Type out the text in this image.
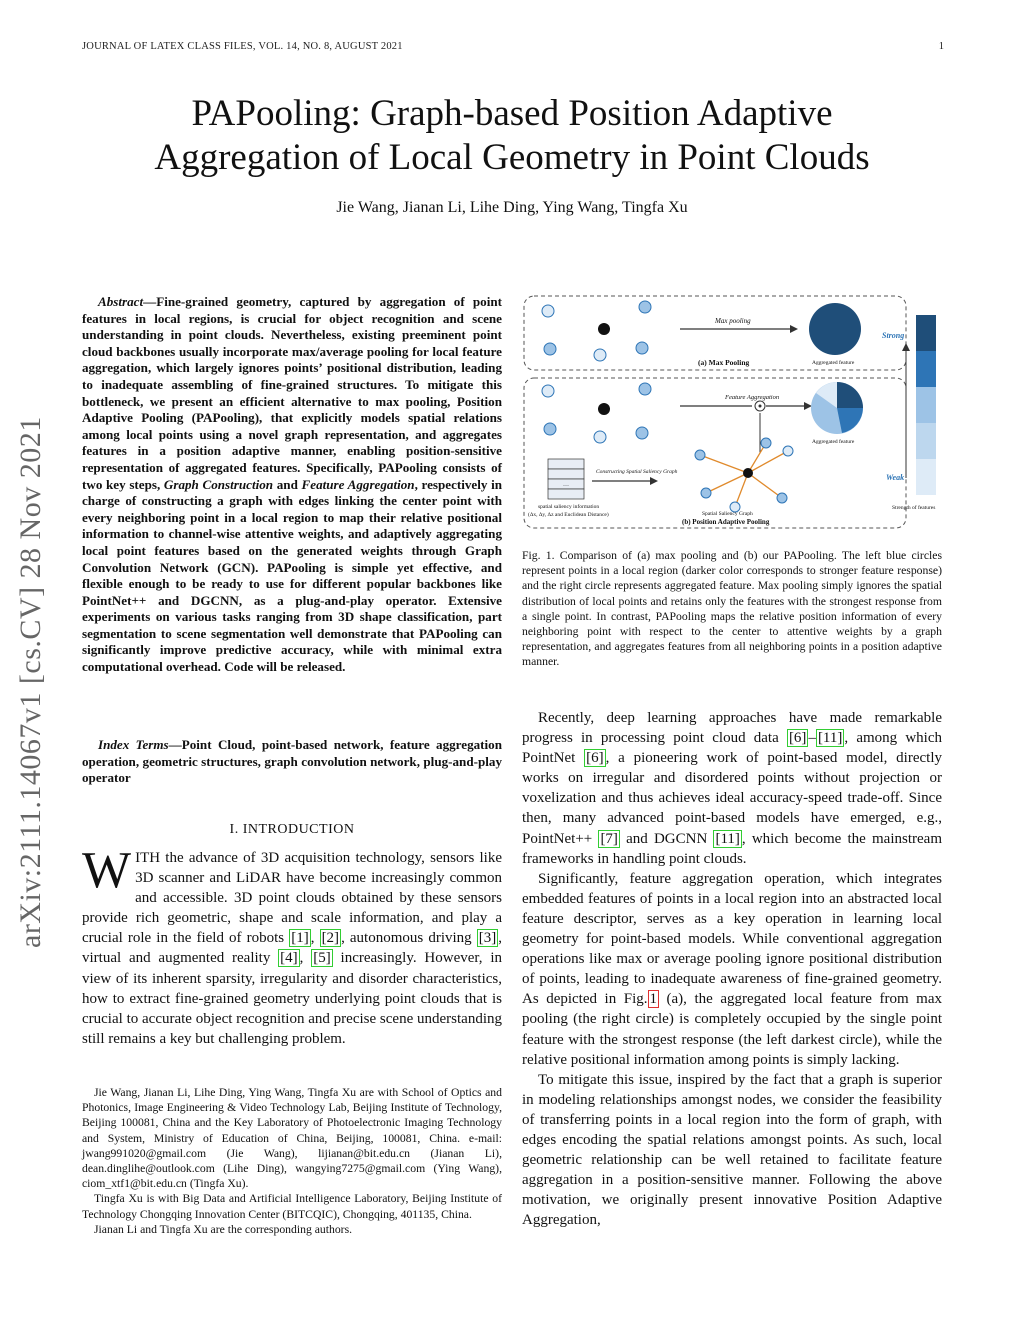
JOURNAL OF LATEX CLASS FILES, VOL. 14, NO. 8, AUGUST 2021	1
PAPooling: Graph-based Position Adaptive
Aggregation of Local Geometry in Point Clouds
Jie Wang, Jianan Li, Lihe Ding, Ying Wang, Tingfa Xu
arXiv:2111.14067v1 [cs.CV] 28 Nov 2021
Abstract—Fine-grained geometry, captured by aggregation of point features in local regions, is crucial for object recognition and scene understanding in point clouds. Nevertheless, existing preeminent point cloud backbones usually incorporate max/average pooling for local feature aggregation, which largely ignores points’ positional distribution, leading to inadequate assembling of fine-grained structures. To mitigate this bottleneck, we present an efficient alternative to max pooling, Position Adaptive Pooling (PAPooling), that explicitly models spatial relations among local points using a novel graph representation, and aggregates features in a position adaptive manner, enabling position-sensitive representation of aggregated features. Specifically, PAPooling consists of two key steps, Graph Construction and Feature Aggregation, respectively in charge of constructing a graph with edges linking the center point with every neighboring point in a local region to map their relative positional information to channel-wise attentive weights, and adaptively aggregating local point features based on the generated weights through Graph Convolution Network (GCN). PAPooling is simple yet effective, and flexible enough to be ready to use for different popular backbones like PointNet++ and DGCNN, as a plug-and-play operator. Extensive experiments on various tasks ranging from 3D shape classification, part segmentation to scene segmentation well demonstrate that PAPooling can significantly improve predictive accuracy, while with minimal extra computational overhead. Code will be released.
Index Terms—Point Cloud, point-based network, feature aggregation operation, geometric structures, graph convolution network, plug-and-play operator
I. INTRODUCTION
WITH the advance of 3D acquisition technology, sensors like 3D scanner and LiDAR have become increasingly common and accessible. 3D point clouds obtained by these sensors provide rich geometric, shape and scale information, and play a crucial role in the field of robots [1] , [2] , autonomous driving [3] , virtual and augmented reality [4] , [5] increasingly. However, in view of its inherent sparsity, irregularity and disorder characteristics, how to extract fine-grained geometry underlying point clouds that is crucial to accurate object recognition and precise scene understanding still remains a key but challenging problem.

Jie Wang, Jianan Li, Lihe Ding, Ying Wang, Tingfa Xu are with School of Optics and Photonics, Image Engineering & Video Technology Lab, Beijing Institute of Technology, Beijing 100081, China and the Key Laboratory of Photoelectronic Imaging Technology and System, Ministry of Education of China, Beijing, 100081, China. e-mail: jwang991020@gmail.com (Jie Wang), lijianan@bit.edu.cn (Jianan Li), dean.dinglihe@outlook.com (Lihe Ding), wangying7275@gmail.com (Ying Wang), ciom_xtf1@bit.edu.cn (Tingfa Xu).

Tingfa Xu is with Big Data and Artificial Intelligence Laboratory, Beijing Institute of Technology Chongqing Innovation Center (BITCQIC), Chongqing, 401135, China.

Jianan Li and Tingfa Xu are the corresponding authors.

Max pooling
(a) Max Pooling	Aggregated feature
Feature Aggregation
Aggregated feature
…
Constructing Spatial Saliency Graph
spatial saliency information
(Δx, Δy, Δz and Euclidean Distance)	Spatial Saliency Graph
(b) Position Adaptive Pooling
Strong
Weak
Strength of features
Fig. 1. Comparison of (a) max pooling and (b) our PAPooling. The left blue circles represent points in a local region (darker color corresponds to stronger feature response) and the right circle represents aggregated feature. Max pooling simply ignores the spatial distribution of local points and retains only the features with the strongest response from a single point. In contrast, PAPooling maps the relative position information of every neighboring point with respect to the center to attentive weights by a graph representation, and aggregates features from all neighboring points in a position adaptive manner.

Recently, deep learning approaches have made remarkable progress in processing point cloud data [6] – [11] , among which PointNet [6] , a pioneering work of point-based model, directly works on irregular and disordered points without projection or voxelization and thus achieves ideal accuracy-speed trade-off. Since then, many advanced point-based models have emerged, e.g., PointNet++ [7] and DGCNN [11] , which become the mainstream frameworks in handling point clouds.

Significantly, feature aggregation operation, which integrates embedded features of points in a local region into an abstracted local feature descriptor, serves as a key operation in learning local geometry for point-based models. While conventional aggregation operations like max or average pooling ignore positional distribution of points, leading to inadequate awareness of fine-grained geometry. As depicted in Fig. 1 (a), the aggregated local feature from max pooling (the right circle) is completely occupied by the single point feature with the strongest response (the left darkest circle), while the relative positional information among points is simply lacking.

To mitigate this issue, inspired by the fact that a graph is superior in modeling relationships amongst nodes, we consider the feasibility of transferring points in a local region into the form of graph, with edges encoding the spatial relations amongst points. As such, local geometric relationship can be well retained to facilitate feature aggregation in a position-sensitive manner. Following the above motivation, we originally present innovative Position Adaptive Aggregation,
